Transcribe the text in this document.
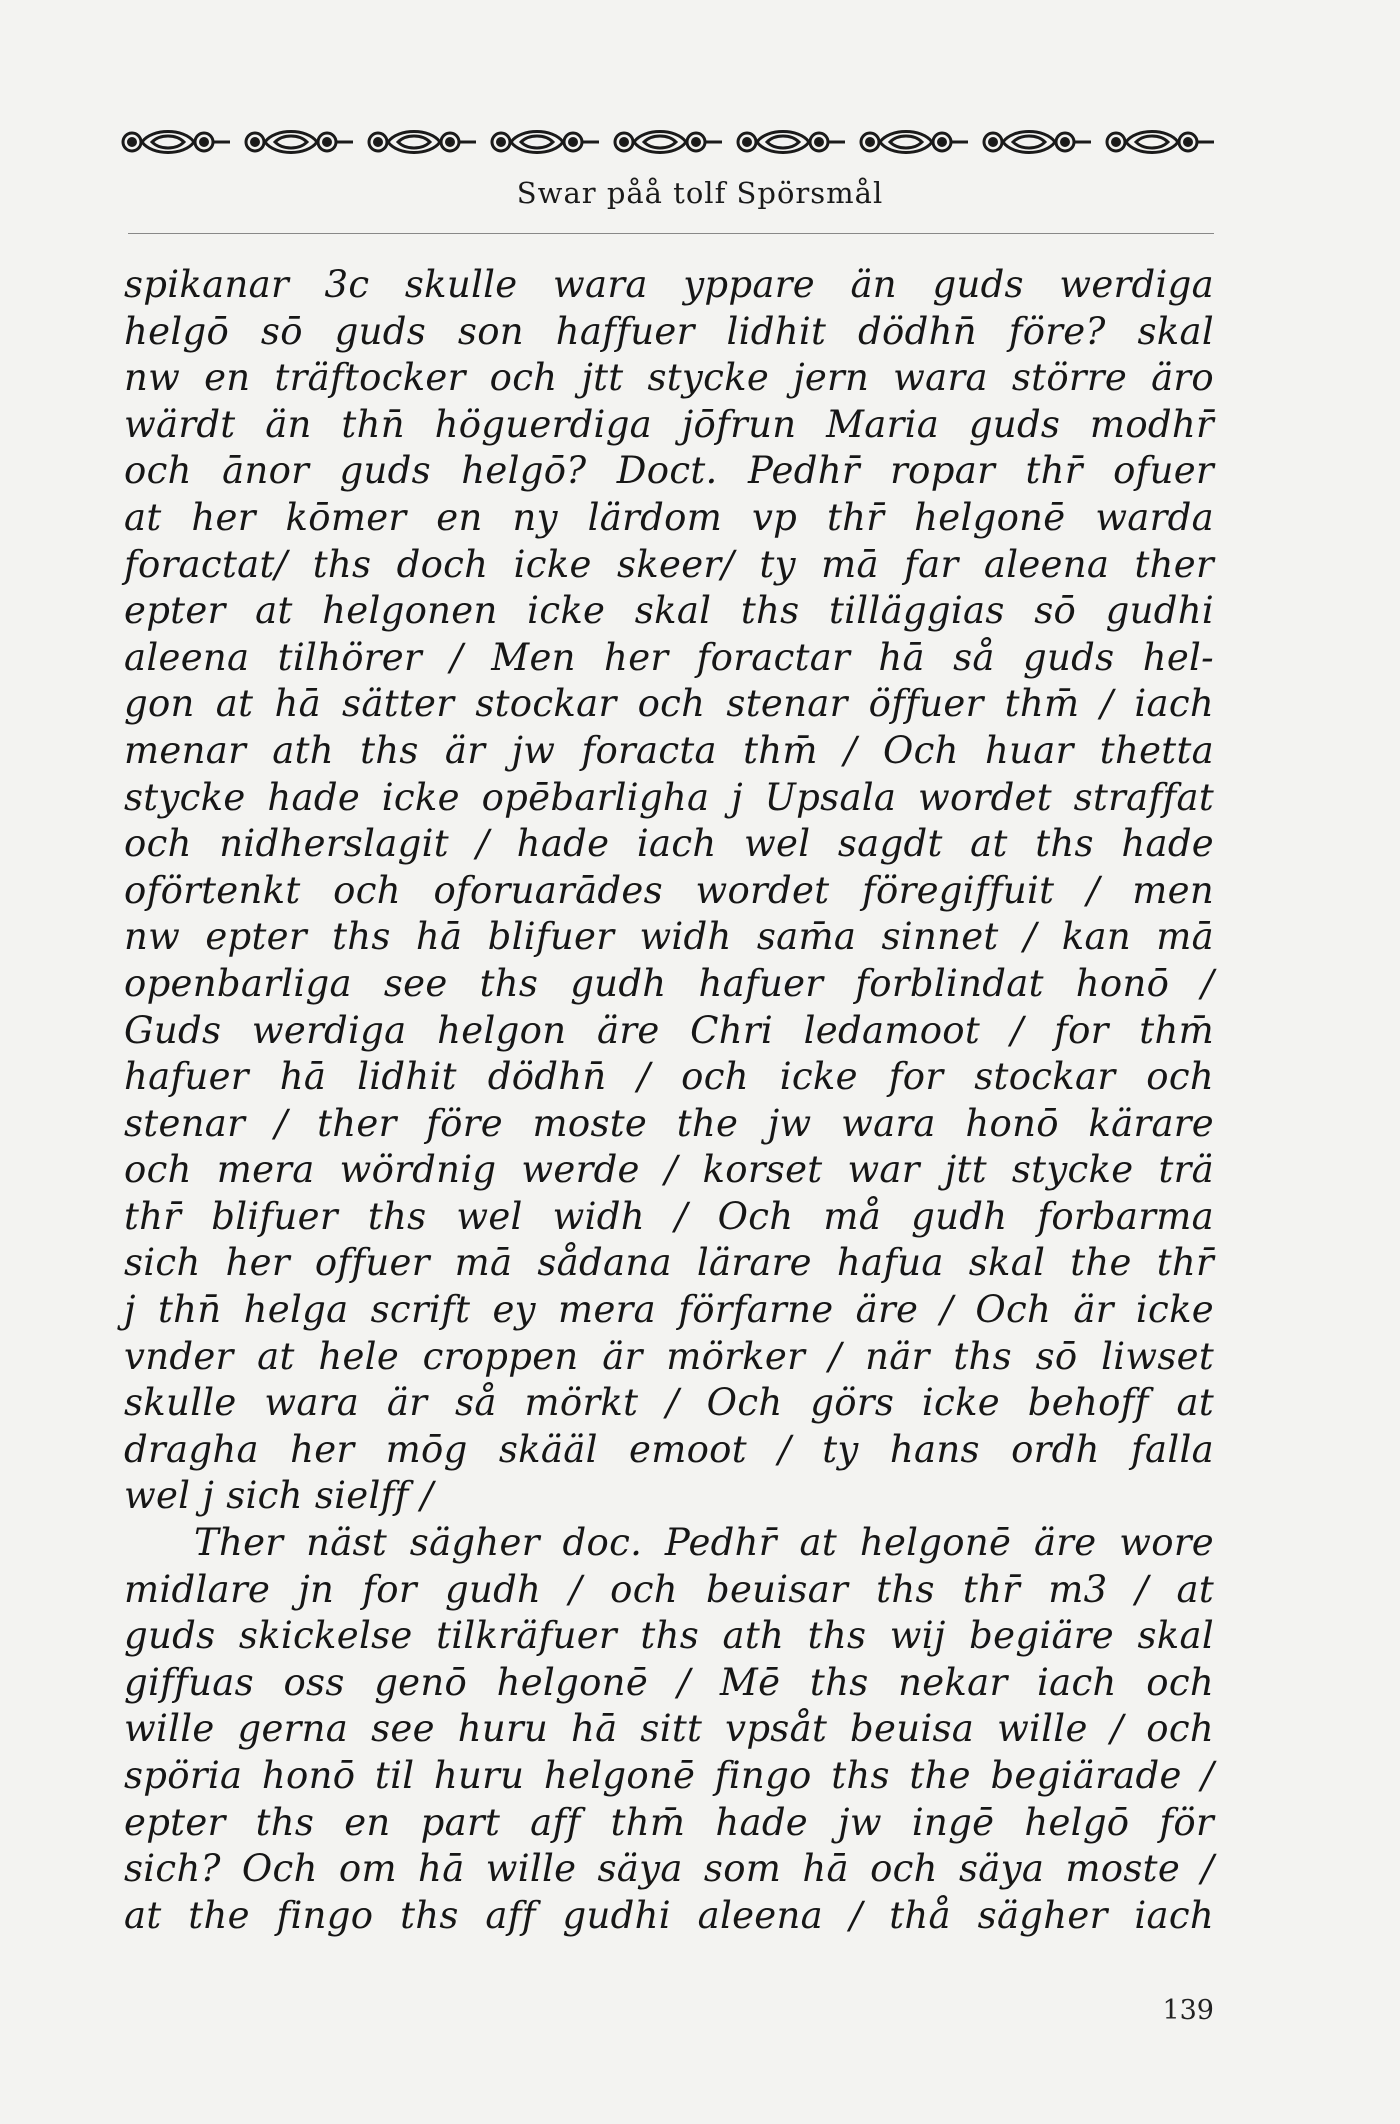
Swar påå tolf Spörsmål
spikanar 3c skulle wara yppare än guds werdiga
helgō sō guds son haffuer lidhit dödhn̄ före? skal
nw en träftocker och jtt stycke jern wara större äro
wärdt än thn̄ höguerdiga jōfrun Maria guds modhr̄
och ānor guds helgō? Doct. Pedhr̄ ropar thr̄ ofuer
at her kōmer en ny lärdom vp thr̄ helgonē warda
foractat/ ths doch icke skeer/ ty mā far aleena ther
epter at helgonen icke skal ths tilläggias sō gudhi
aleena tilhörer / Men her foractar hā så guds hel-
gon at hā sätter stockar och stenar öffuer thm̄ / iach
menar ath ths är jw foracta thm̄ / Och huar thetta
stycke hade icke opēbarligha j Upsala wordet straffat
och nidherslagit / hade iach wel sagdt at ths hade
oförtenkt och oforuarādes wordet föregiffuit / men
nw epter ths hā blifuer widh sam̄a sinnet / kan mā
openbarliga see ths gudh hafuer forblindat honō /
Guds werdiga helgon äre Chri ledamoot / for thm̄
hafuer hā lidhit dödhn̄ / och icke for stockar och
stenar / ther före moste the jw wara honō kärare
och mera wördnig werde / korset war jtt stycke trä
thr̄ blifuer ths wel widh / Och må gudh forbarma
sich her offuer mā sådana lärare hafua skal the thr̄
j thn̄ helga scrift ey mera förfarne äre / Och är icke
vnder at hele croppen är mörker / när ths sō liwset
skulle wara är så mörkt / Och görs icke behoff at
dragha her mōg skääl emoot / ty hans ordh falla
wel j sich sielff /
Ther näst sägher doc. Pedhr̄ at helgonē äre wore
midlare jn for gudh / och beuisar ths thr̄ m3 / at
guds skickelse tilkräfuer ths ath ths wij begiäre skal
giffuas oss genō helgonē / Mē ths nekar iach och
wille gerna see huru hā sitt vpsåt beuisa wille / och
spöria honō til huru helgonē fingo ths the begiärade /
epter ths en part aff thm̄ hade jw ingē helgō för
sich? Och om hā wille säya som hā och säya moste /
at the fingo ths aff gudhi aleena / thå sägher iach
139
